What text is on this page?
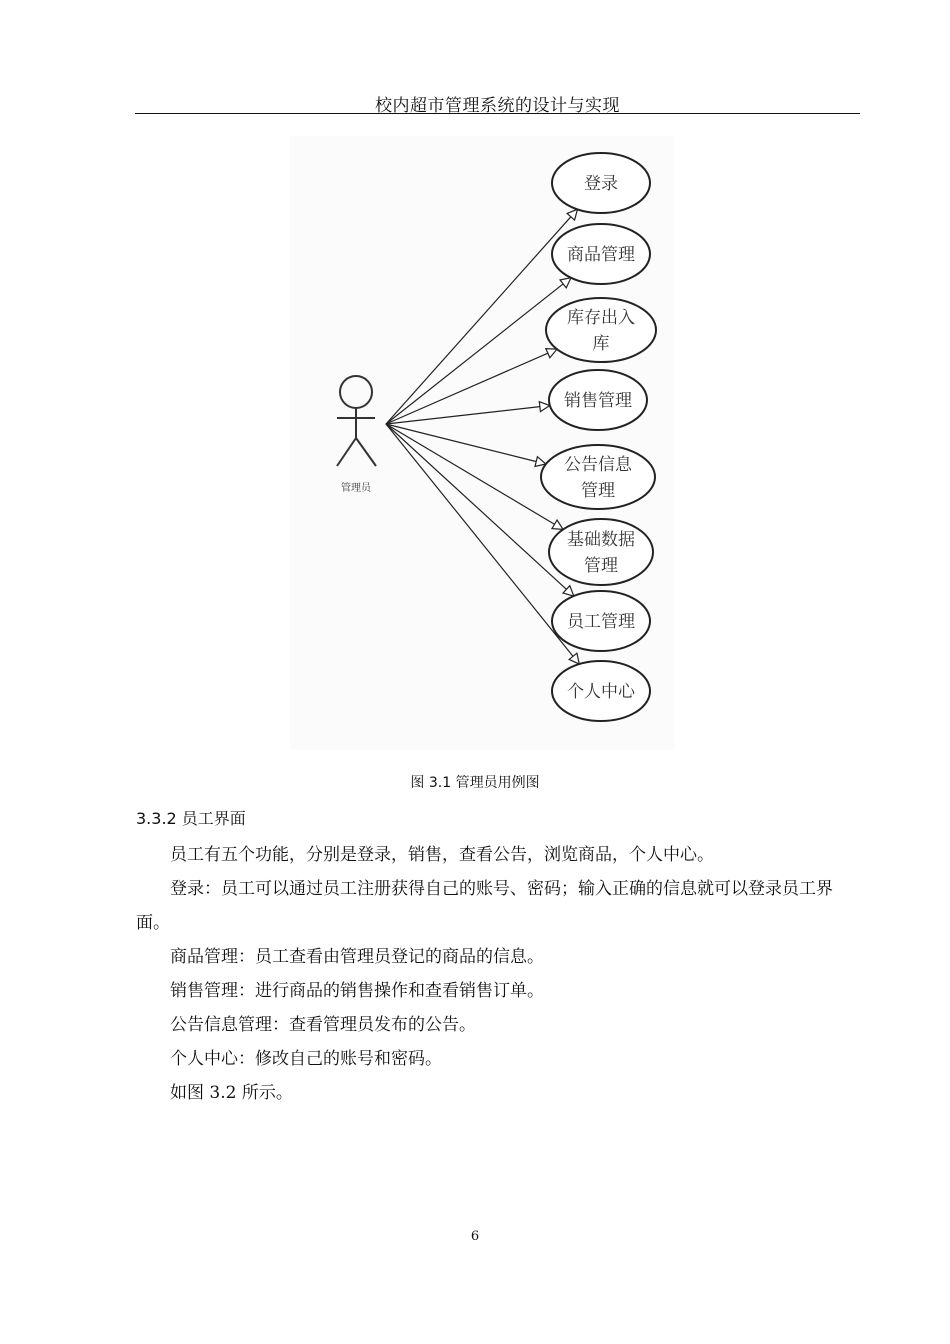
校内超市管理系统的设计与实现
管理员
登录
商品管理
库存出入
库
销售管理
公告信息
管理
基础数据
管理
员工管理
个人中心
图 3.1 管理员用例图
3.3.2 员工界面

员工有五个功能，分别是登录，销售，查看公告，浏览商品，个人中心。

登录：员工可以通过员工注册获得自己的账号、密码；输入正确的信息就可以登录员工界面。

商品管理：员工查看由管理员登记的商品的信息。

销售管理：进行商品的销售操作和查看销售订单。

公告信息管理：查看管理员发布的公告。

个人中心：修改自己的账号和密码。

如图 3.2 所示。

6
